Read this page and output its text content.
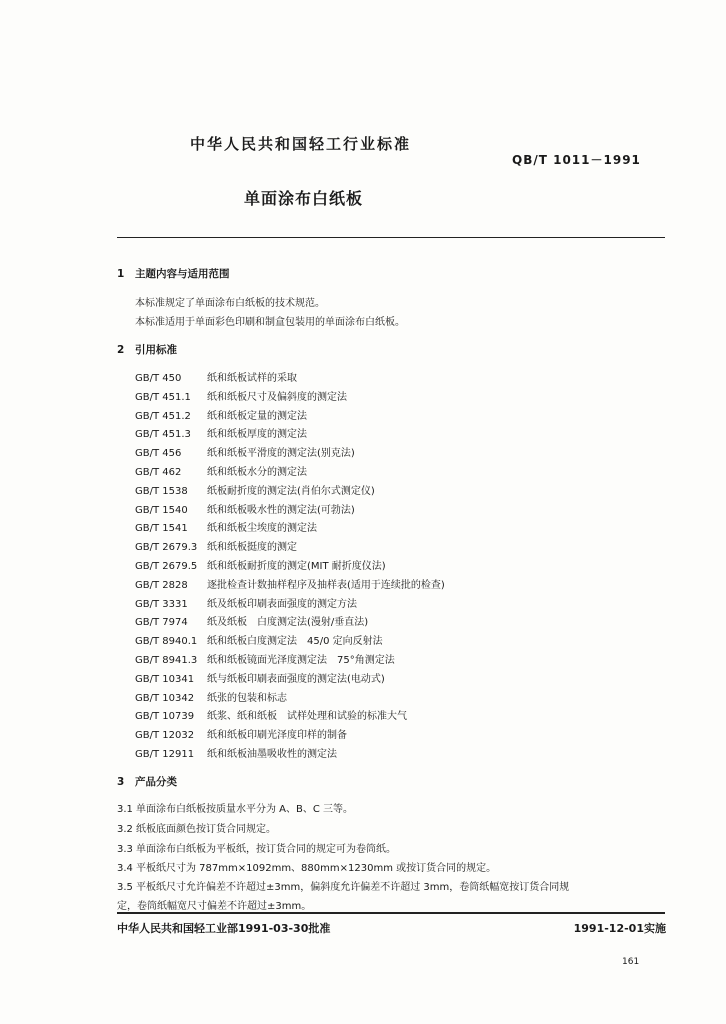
中华人民共和国轻工行业标准
QB/T 1011－1991
单面涂布白纸板
1 主题内容与适用范围
本标准规定了单面涂布白纸板的技术规范。
本标准适用于单面彩色印刷和制盒包装用的单面涂布白纸板。
2 引用标准
GB/T 450	纸和纸板试样的采取
GB/T 451.1 纸和纸板尺寸及偏斜度的测定法
GB/T 451.2 纸和纸板定量的测定法
GB/T 451.3 纸和纸板厚度的测定法
GB/T 456	纸和纸板平滑度的测定法(别克法)
GB/T 462	纸和纸板水分的测定法
GB/T 1538 纸板耐折度的测定法(肖伯尔式测定仪)
GB/T 1540 纸和纸板吸水性的测定法(可勃法)
GB/T 1541 纸和纸板尘埃度的测定法
GB/T 2679.3 纸和纸板挺度的测定
GB/T 2679.5 纸和纸板耐折度的测定(MIT 耐折度仪法)
GB/T 2828 逐批检查计数抽样程序及抽样表(适用于连续批的检查)
GB/T 3331 纸及纸板印刷表面强度的测定方法
GB/T 7974 纸及纸板　白度测定法(漫射/垂直法)
GB/T 8940.1 纸和纸板白度测定法　45/0 定向反射法
GB/T 8941.3 纸和纸板镜面光泽度测定法　75°角测定法
GB/T 10341 纸与纸板印刷表面强度的测定法(电动式)
GB/T 10342 纸张的包装和标志
GB/T 10739 纸浆、纸和纸板　试样处理和试验的标准大气
GB/T 12032 纸和纸板印刷光泽度印样的制备
GB/T 12911 纸和纸板油墨吸收性的测定法
3 产品分类
3.1 单面涂布白纸板按质量水平分为 A、B、C 三等。
3.2 纸板底面颜色按订货合同规定。
3.3 单面涂布白纸板为平板纸，按订货合同的规定可为卷筒纸。
3.4 平板纸尺寸为 787mm×1092mm、880mm×1230mm 或按订货合同的规定。
3.5 平板纸尺寸允许偏差不许超过±3mm，偏斜度允许偏差不许超过 3mm，卷筒纸幅宽按订货合同规
定，卷筒纸幅宽尺寸偏差不许超过±3mm。
中华人民共和国轻工业部1991-03-30批准	1991-12-01实施
161
